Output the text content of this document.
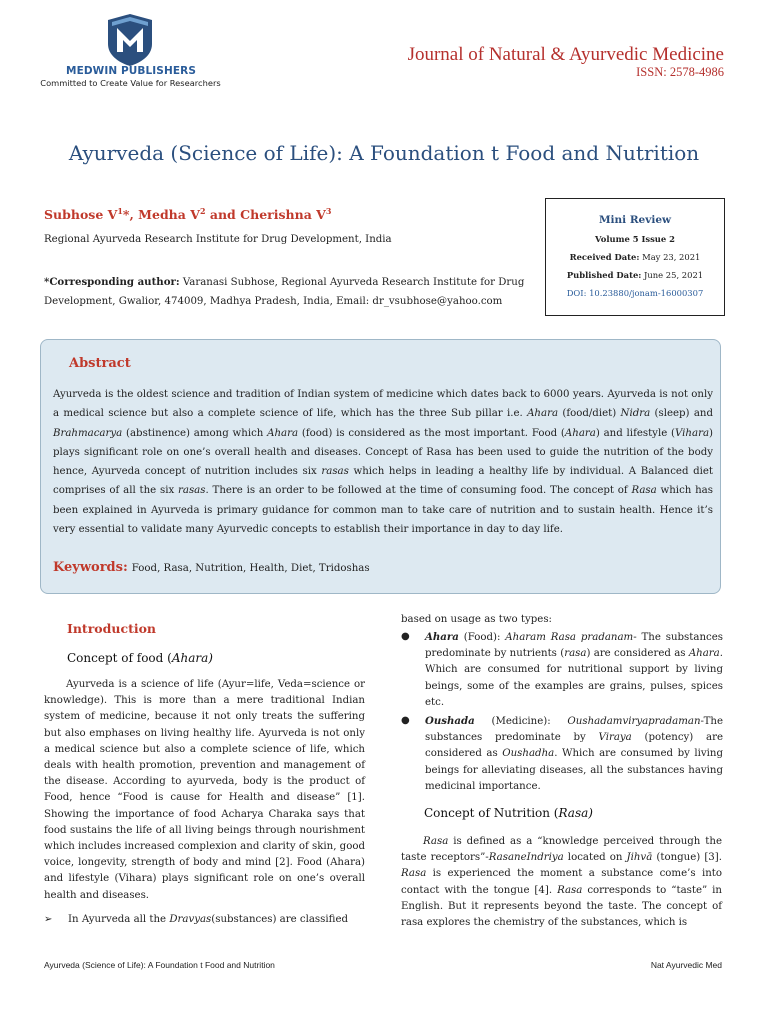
MEDWIN PUBLISHERS
Committed to Create Value for Researchers
Journal of Natural & Ayurvedic Medicine
ISSN: 2578-4986
Ayurveda (Science of Life): A Foundation t Food and Nutrition
Subhose $V^1*$, Medha $V^2$ and Cherishna $V^3$
Regional Ayurveda Research Institute for Drug Development, India
*Corresponding author: Varanasi Subhose, Regional Ayurveda Research Institute for Drug Development, Gwalior, 474009, Madhya Pradesh, India, Email: dr_vsubhose@yahoo.com
Mini Review
Volume 5 Issue 2
Received Date: May 23, 2021
Published Date: June 25, 2021
DOI: 10.23880/jonam-16000307
Abstract
Ayurveda is the oldest science and tradition of Indian system of medicine which dates back to 6000 years. Ayurveda is not only a medical science but also a complete science of life, which has the three Sub pillar i.e. Ahara (food/diet) Nidra (sleep) and Brahmacarya (abstinence) among which Ahara (food) is considered as the most important. Food (Ahara) and lifestyle (Vihara) plays significant role on one’s overall health and diseases. Concept of Rasa has been used to guide the nutrition of the body hence, Ayurveda concept of nutrition includes six rasas which helps in leading a healthy life by individual. A Balanced diet comprises of all the six rasas. There is an order to be followed at the time of consuming food. The concept of Rasa which has been explained in Ayurveda is primary guidance for common man to take care of nutrition and to sustain health. Hence it’s very essential to validate many Ayurvedic concepts to establish their importance in day to day life.
Keywords: Food, Rasa, Nutrition, Health, Diet, Tridoshas
Introduction
Concept of food (Ahara)
Ayurveda is a science of life (Ayur=life, Veda=science or knowledge). This is more than a mere traditional Indian system of medicine, because it not only treats the suffering but also emphases on living healthy life. Ayurveda is not only a medical science but also a complete science of life, which deals with health promotion, prevention and management of the disease. According to ayurveda, body is the product of Food, hence “Food is cause for Health and disease” [1]. Showing the importance of food Acharya Charaka says that food sustains the life of all living beings through nourishment which includes increased complexion and clarity of skin, good voice, longevity, strength of body and mind [2]. Food (Ahara) and lifestyle (Vihara) plays significant role on one’s overall health and diseases.
➢ In Ayurveda all the Dravyas(substances) are classified
based on usage as two types:
● Ahara (Food): Aharam Rasa pradanam- The substances predominate by nutrients (rasa) are considered as Ahara. Which are consumed for nutritional support by living beings, some of the examples are grains, pulses, spices etc.
● Oushada (Medicine): Oushadamviryapradaman-The substances predominate by Viraya (potency) are considered as Oushadha. Which are consumed by living beings for alleviating diseases, all the substances having medicinal importance.
Concept of Nutrition (Rasa)
Rasa is defined as a “knowledge perceived through the taste receptors”-RasaneIndriya located on Jihvā (tongue) [3]. Rasa is experienced the moment a substance come’s into contact with the tongue [4]. Rasa corresponds to “taste” in English. But it represents beyond the taste. The concept of rasa explores the chemistry of the substances, which is
Ayurveda (Science of Life): A Foundation t Food and Nutrition	Nat Ayurvedic Med
